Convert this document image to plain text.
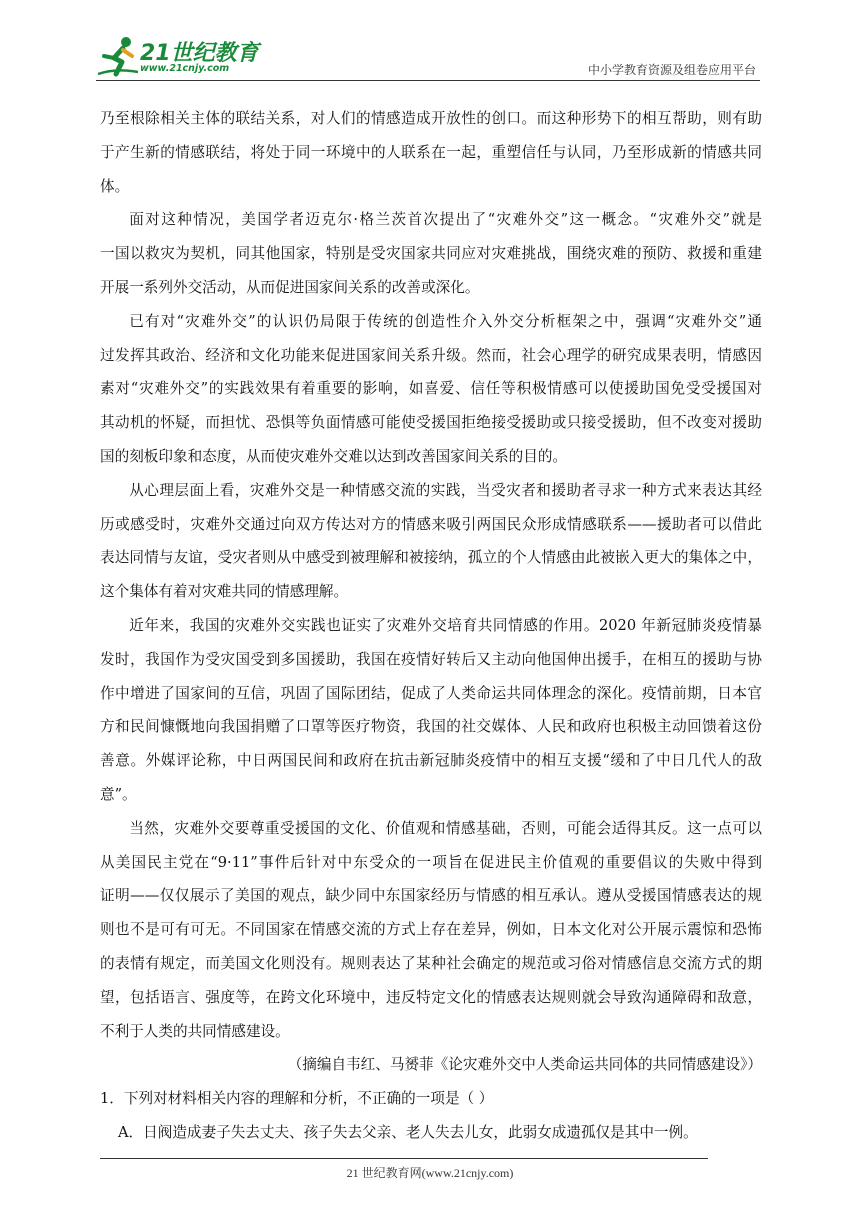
21世纪教育
www.21cnjy.com	中小学教育资源及组卷应用平台
乃至根除相关主体的联结关系，对人们的情感造成开放性的创口。而这种形势下的相互帮助，则有助
于产生新的情感联结，将处于同一环境中的人联系在一起，重塑信任与认同，乃至形成新的情感共同
体。
面对这种情况，美国学者迈克尔·格兰茨首次提出了“灾难外交”这一概念。“灾难外交”就是
一国以救灾为契机，同其他国家，特别是受灾国家共同应对灾难挑战，围绕灾难的预防、救援和重建
开展一系列外交活动，从而促进国家间关系的改善或深化。
已有对“灾难外交”的认识仍局限于传统的创造性介入外交分析框架之中，强调“灾难外交”通
过发挥其政治、经济和文化功能来促进国家间关系升级。然而，社会心理学的研究成果表明，情感因
素对“灾难外交”的实践效果有着重要的影响，如喜爱、信任等积极情感可以使援助国免受受援国对
其动机的怀疑，而担忧、恐惧等负面情感可能使受援国拒绝接受援助或只接受援助，但不改变对援助
国的刻板印象和态度，从而使灾难外交难以达到改善国家间关系的目的。
从心理层面上看，灾难外交是一种情感交流的实践，当受灾者和援助者寻求一种方式来表达其经
历或感受时，灾难外交通过向双方传达对方的情感来吸引两国民众形成情感联系——援助者可以借此
表达同情与友谊，受灾者则从中感受到被理解和被接纳，孤立的个人情感由此被嵌入更大的集体之中，
这个集体有着对灾难共同的情感理解。
近年来，我国的灾难外交实践也证实了灾难外交培育共同情感的作用。2020 年新冠肺炎疫情暴
发时，我国作为受灾国受到多国援助，我国在疫情好转后又主动向他国伸出援手，在相互的援助与协
作中增进了国家间的互信，巩固了国际团结，促成了人类命运共同体理念的深化。疫情前期，日本官
方和民间慷慨地向我国捐赠了口罩等医疗物资，我国的社交媒体、人民和政府也积极主动回馈着这份
善意。外媒评论称，中日两国民间和政府在抗击新冠肺炎疫情中的相互支援“缓和了中日几代人的敌
意”。
当然，灾难外交要尊重受援国的文化、价值观和情感基础，否则，可能会适得其反。这一点可以
从美国民主党在“9·11”事件后针对中东受众的一项旨在促进民主价值观的重要倡议的失败中得到
证明——仅仅展示了美国的观点，缺少同中东国家经历与情感的相互承认。遵从受援国情感表达的规
则也不是可有可无。不同国家在情感交流的方式上存在差异，例如，日本文化对公开展示震惊和恐怖
的表情有规定，而美国文化则没有。规则表达了某种社会确定的规范或习俗对情感信息交流方式的期
望，包括语言、强度等，在跨文化环境中，违反特定文化的情感表达规则就会导致沟通障碍和敌意，
不利于人类的共同情感建设。

（摘编自韦红、马赟菲《论灾难外交中人类命运共同体的共同情感建设》）

1．下列对材料相关内容的理解和分析，不正确的一项是（ ）

A．日阀造成妻子失去丈夫、孩子失去父亲、老人失去儿女，此弱女成遗孤仅是其中一例。

21 世纪教育网(www.21cnjy.com)
